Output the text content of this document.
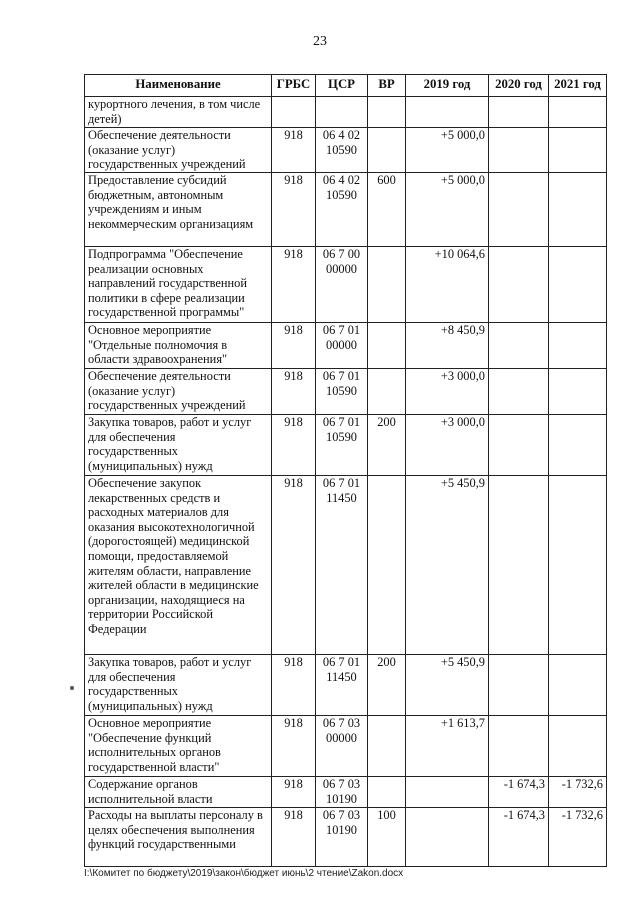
23
Наименование	ГРБС	ЦСР	ВР	2019 год	2020 год	2021 год
курортного лечения, в том числе детей)						
Обеспечение деятельности (оказание услуг) государственных учреждений	918	06 4 02 10590		+5 000,0		
Предоставление субсидий бюджетным, автономным учреждениям и иным некоммерческим организациям	918	06 4 02 10590	600	+5 000,0		
Подпрограмма "Обеспечение реализации основных направлений государственной политики в сфере реализации государственной программы"	918	06 7 00 00000		+10 064,6		
Основное мероприятие "Отдельные полномочия в области здравоохранения"	918	06 7 01 00000		+8 450,9		
Обеспечение деятельности (оказание услуг) государственных учреждений	918	06 7 01 10590		+3 000,0		
Закупка товаров, работ и услуг для обеспечения государственных (муниципальных) нужд	918	06 7 01 10590	200	+3 000,0		
Обеспечение закупок лекарственных средств и расходных материалов для оказания высокотехнологичной (дорогостоящей) медицинской помощи, предоставляемой жителям области, направление жителей области в медицинские организации, находящиеся на территории Российской Федерации	918	06 7 01 11450		+5 450,9		
Закупка товаров, работ и услуг для обеспечения государственных (муниципальных) нужд	918	06 7 01 11450	200	+5 450,9		
Основное мероприятие "Обеспечение функций исполнительных органов государственной власти"	918	06 7 03 00000		+1 613,7		
Содержание органов исполнительной власти	918	06 7 03 10190			-1 674,3	-1 732,6
Расходы на выплаты персоналу в целях обеспечения выполнения функций государственными	918	06 7 03 10190	100		-1 674,3	-1 732,6
I:\Комитет по бюджету\2019\закон\бюджет июнь\2 чтение\Zakon.docx
